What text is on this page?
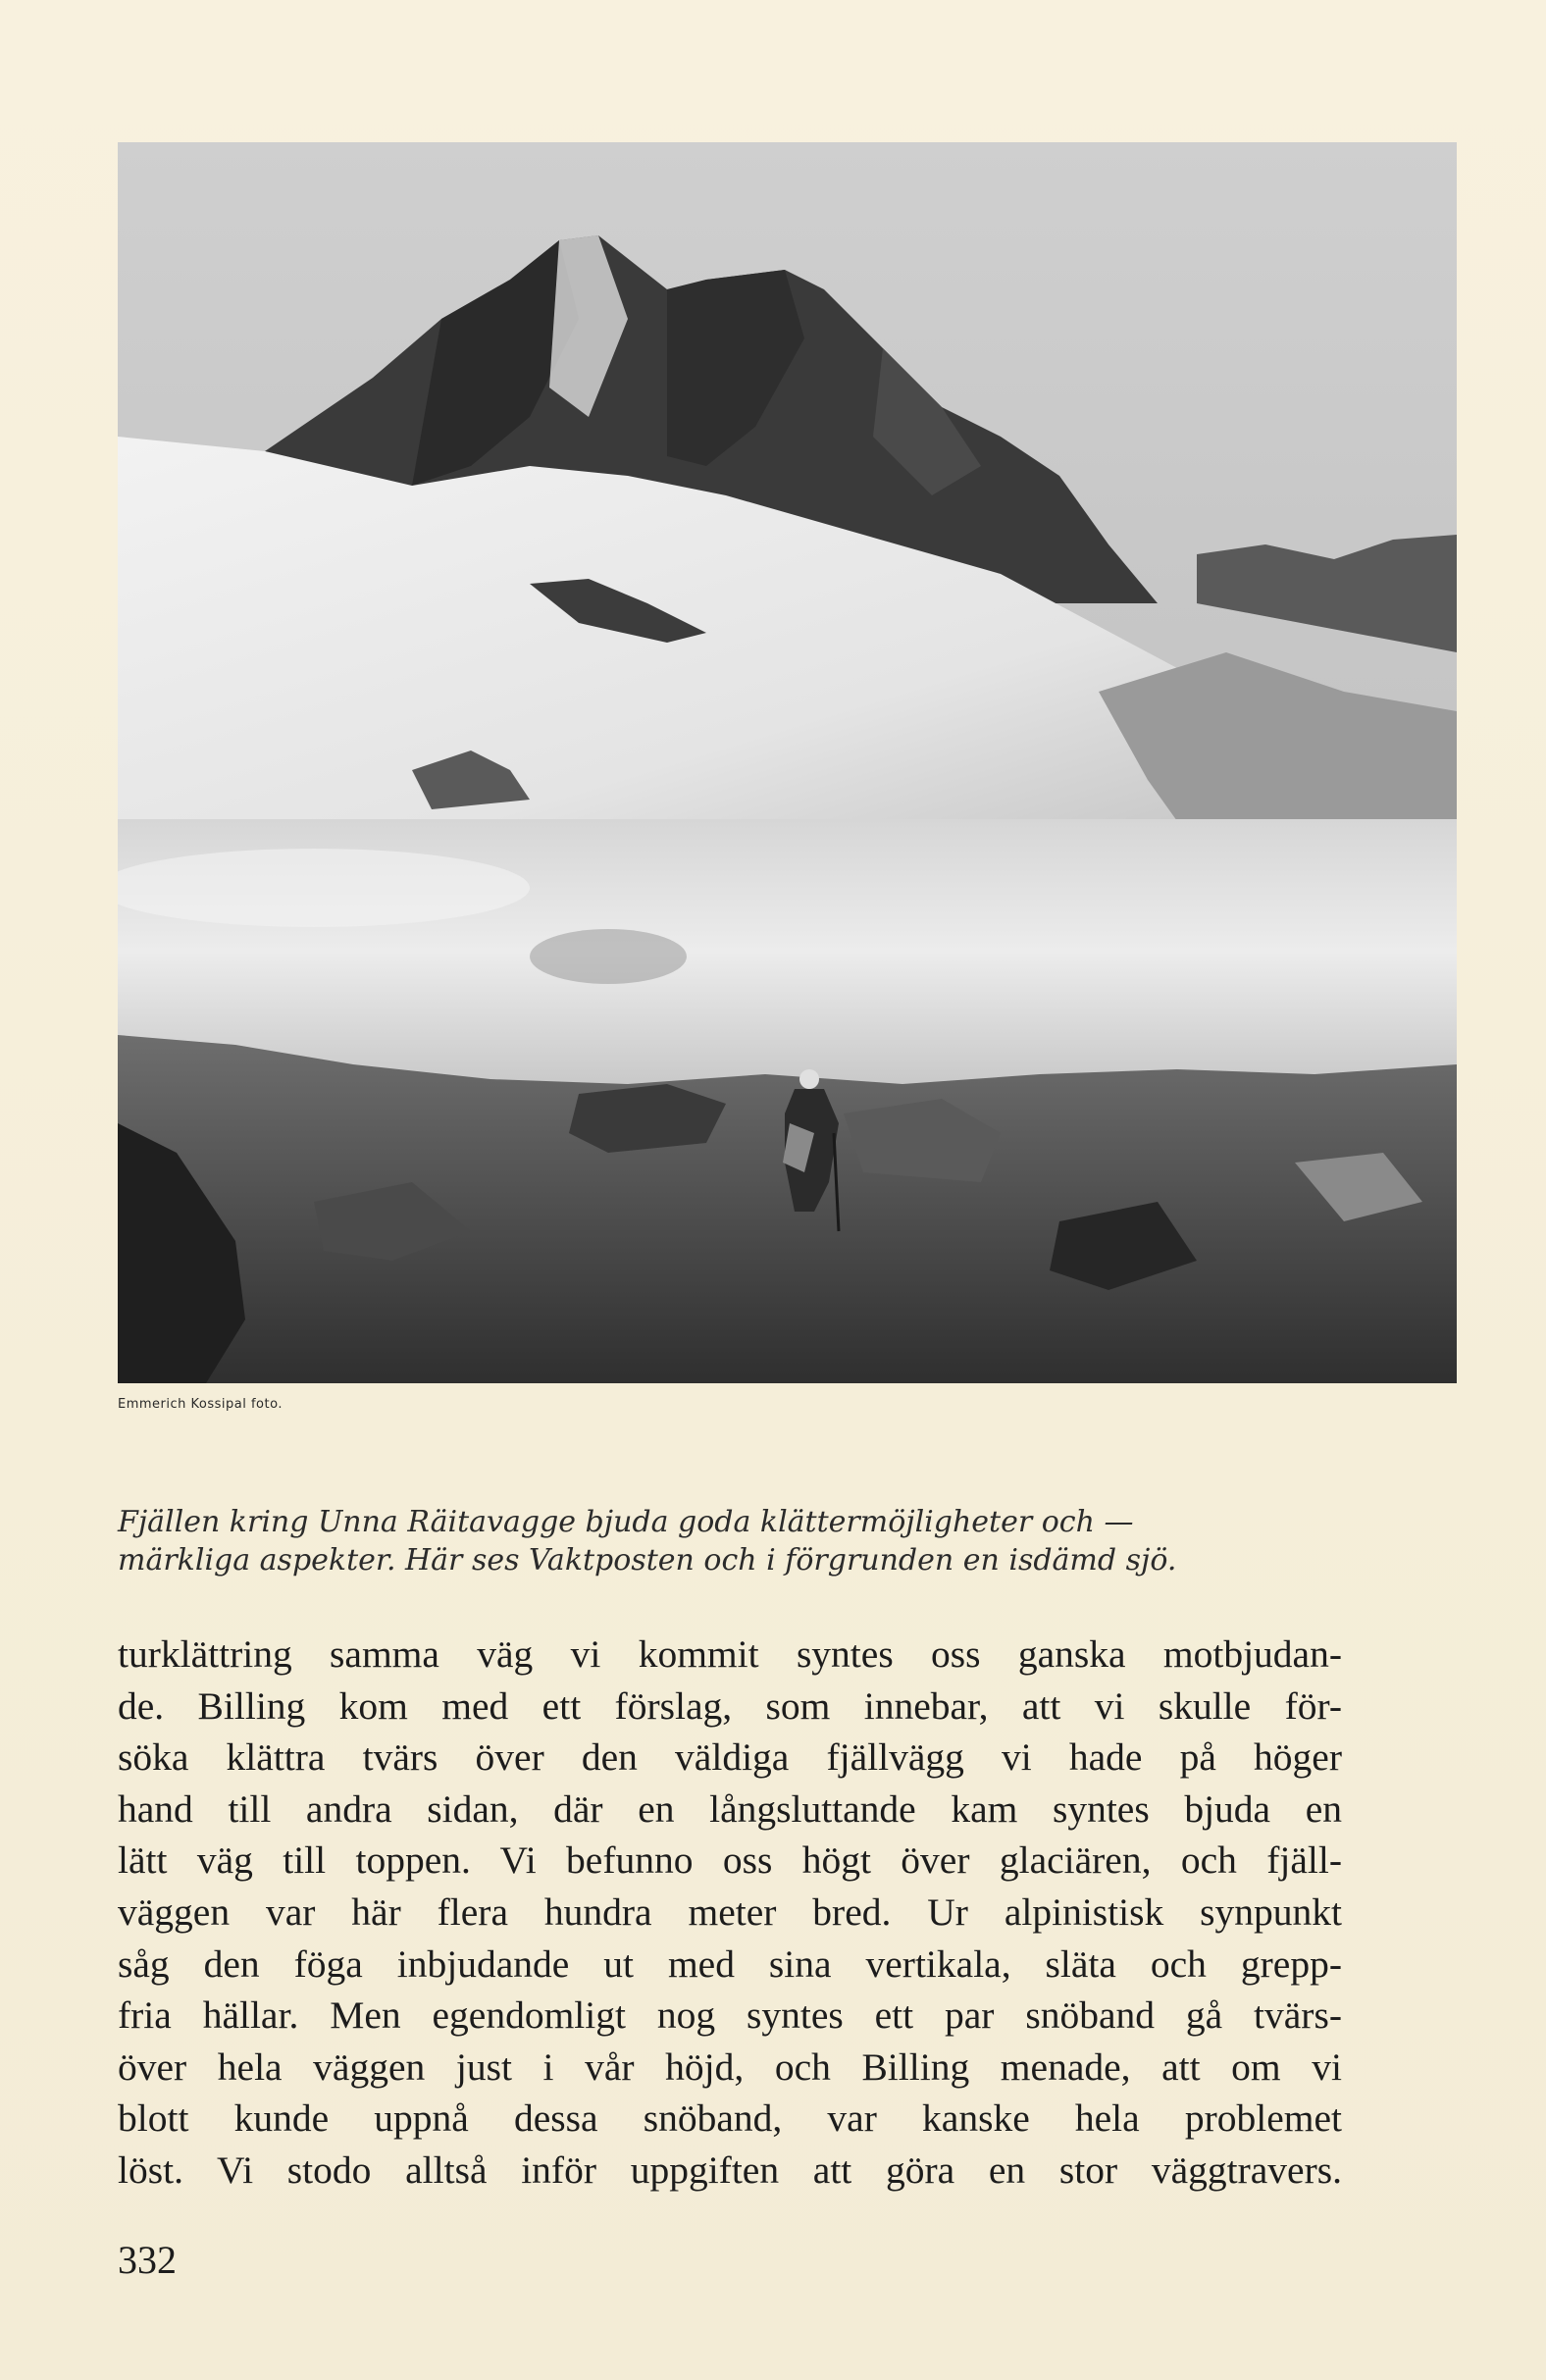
Emmerich Kossipal foto.
Fjällen kring Unna Räitavagge bjuda goda klättermöjligheter och —
märkliga aspekter. Här ses Vaktposten och i förgrunden en isdämd sjö.
turklättring samma väg vi kommit syntes oss ganska motbjudan-
de. Billing kom med ett förslag, som innebar, att vi skulle för-
söka klättra tvärs över den väldiga fjällvägg vi hade på höger
hand till andra sidan, där en långsluttande kam syntes bjuda en
lätt väg till toppen. Vi befunno oss högt över glaciären, och fjäll-
väggen var här flera hundra meter bred. Ur alpinistisk synpunkt
såg den föga inbjudande ut med sina vertikala, släta och grepp-
fria hällar. Men egendomligt nog syntes ett par snöband gå tvärs-
över hela väggen just i vår höjd, och Billing menade, att om vi
blott kunde uppnå dessa snöband, var kanske hela problemet
löst. Vi stodo alltså inför uppgiften att göra en stor väggtravers.
332
